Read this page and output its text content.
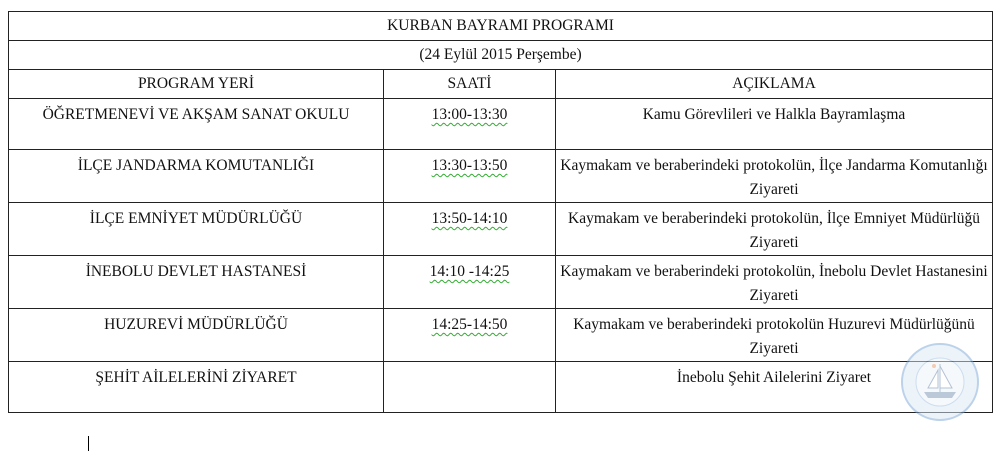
KURBAN BAYRAMI PROGRAMI		
(24 Eylül 2015 Perşembe)		
PROGRAM YERİ	SAATİ	AÇIKLAMA
ÖĞRETMENEVİ VE AKŞAM SANAT OKULU	13:00-13:30	Kamu Görevlileri ve Halkla Bayramlaşma
İLÇE JANDARMA KOMUTANLIĞI	13:30-13:50	Kaymakam ve beraberindeki protokolün, İlçe Jandarma Komutanlığı Ziyareti
İLÇE EMNİYET MÜDÜRLÜĞÜ	13:50-14:10	Kaymakam ve beraberindeki protokolün, İlçe Emniyet Müdürlüğü Ziyareti
İNEBOLU DEVLET HASTANESİ	14:10 -14:25	Kaymakam ve beraberindeki protokolün, İnebolu Devlet Hastanesini Ziyareti
HUZUREVİ MÜDÜRLÜĞÜ	14:25-14:50	Kaymakam ve beraberindeki protokolün Huzurevi Müdürlüğünü Ziyareti
ŞEHİT AİLELERİNİ ZİYARET		İnebolu Şehit Ailelerini Ziyaret
